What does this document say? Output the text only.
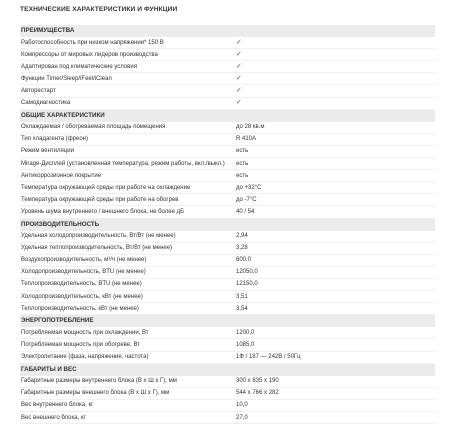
ТЕХНИЧЕСКИЕ ХАРАКТЕРИСТИКИ И ФУНКЦИИ
ПРЕИМУЩЕСТВА
Работоспособность при низком напряжении* 150 В	✓
Компрессоры от мировых лидеров производства	✓
Адаптирован под климатические условия	✓
Функции Timer/Sleep/iFeel/iClean	✓
Авторестарт	✓
Самодиагностика	✓
ОБЩИЕ ХАРАКТЕРИСТИКИ
Охлаждаемая / обогреваемая площадь помещения	до 28 кв.м
Тип хладагента (фреон)	R 410A
Режим вентиляции	есть
Mirage-Дисплей (установленная температура, режим работы, вкл./выкл.)	есть
Антикоррозионное покрытие	есть
Температура окружающей среды при работе на охлаждение	до +32°С
Температура окружающей среды при работе на обогрев	до -7°С
Уровень шума внутреннего / внешнего блока, не более дБ	40 / 54
ПРОИЗВОДИТЕЛЬНОСТЬ
Удельная холодопроизводительность, Вт/Вт (не менее)	2,94
Удельная теплопроизводительность, Вт/Вт (не менее)	3,28
Воздухопроизводительность, м³/ч (не менее)	600,0
Холодопроизводительность, BTU (не менее)	12050,0
Теплопроизводительность, BTU (не менее)	12150,0
Холодопроизводительность, кВт (не менее)	3,51
Теплопроизводительность, кВт (не менее)	3,54
ЭНЕРГОПОТРЕБЛЕНИЕ
Потребляемая мощность при охлаждении, Вт	1200,0
Потребляемая мощность при обогреве, Вт	1085,0
Электропитание (фаза, напряжение, частота)	1Ф / 187 — 242В / 50Гц
ГАБАРИТЫ И ВЕС
Габаритные размеры внутреннего блока (В х Ш х Г), мм	300 х 835 х 190
Габаритные размеры внешнего блока (В х Ш х Г), мм	544 х 766 х 282
Вес внутреннего блока, кг	10,0
Вес внешнего блока, кг	27,0
